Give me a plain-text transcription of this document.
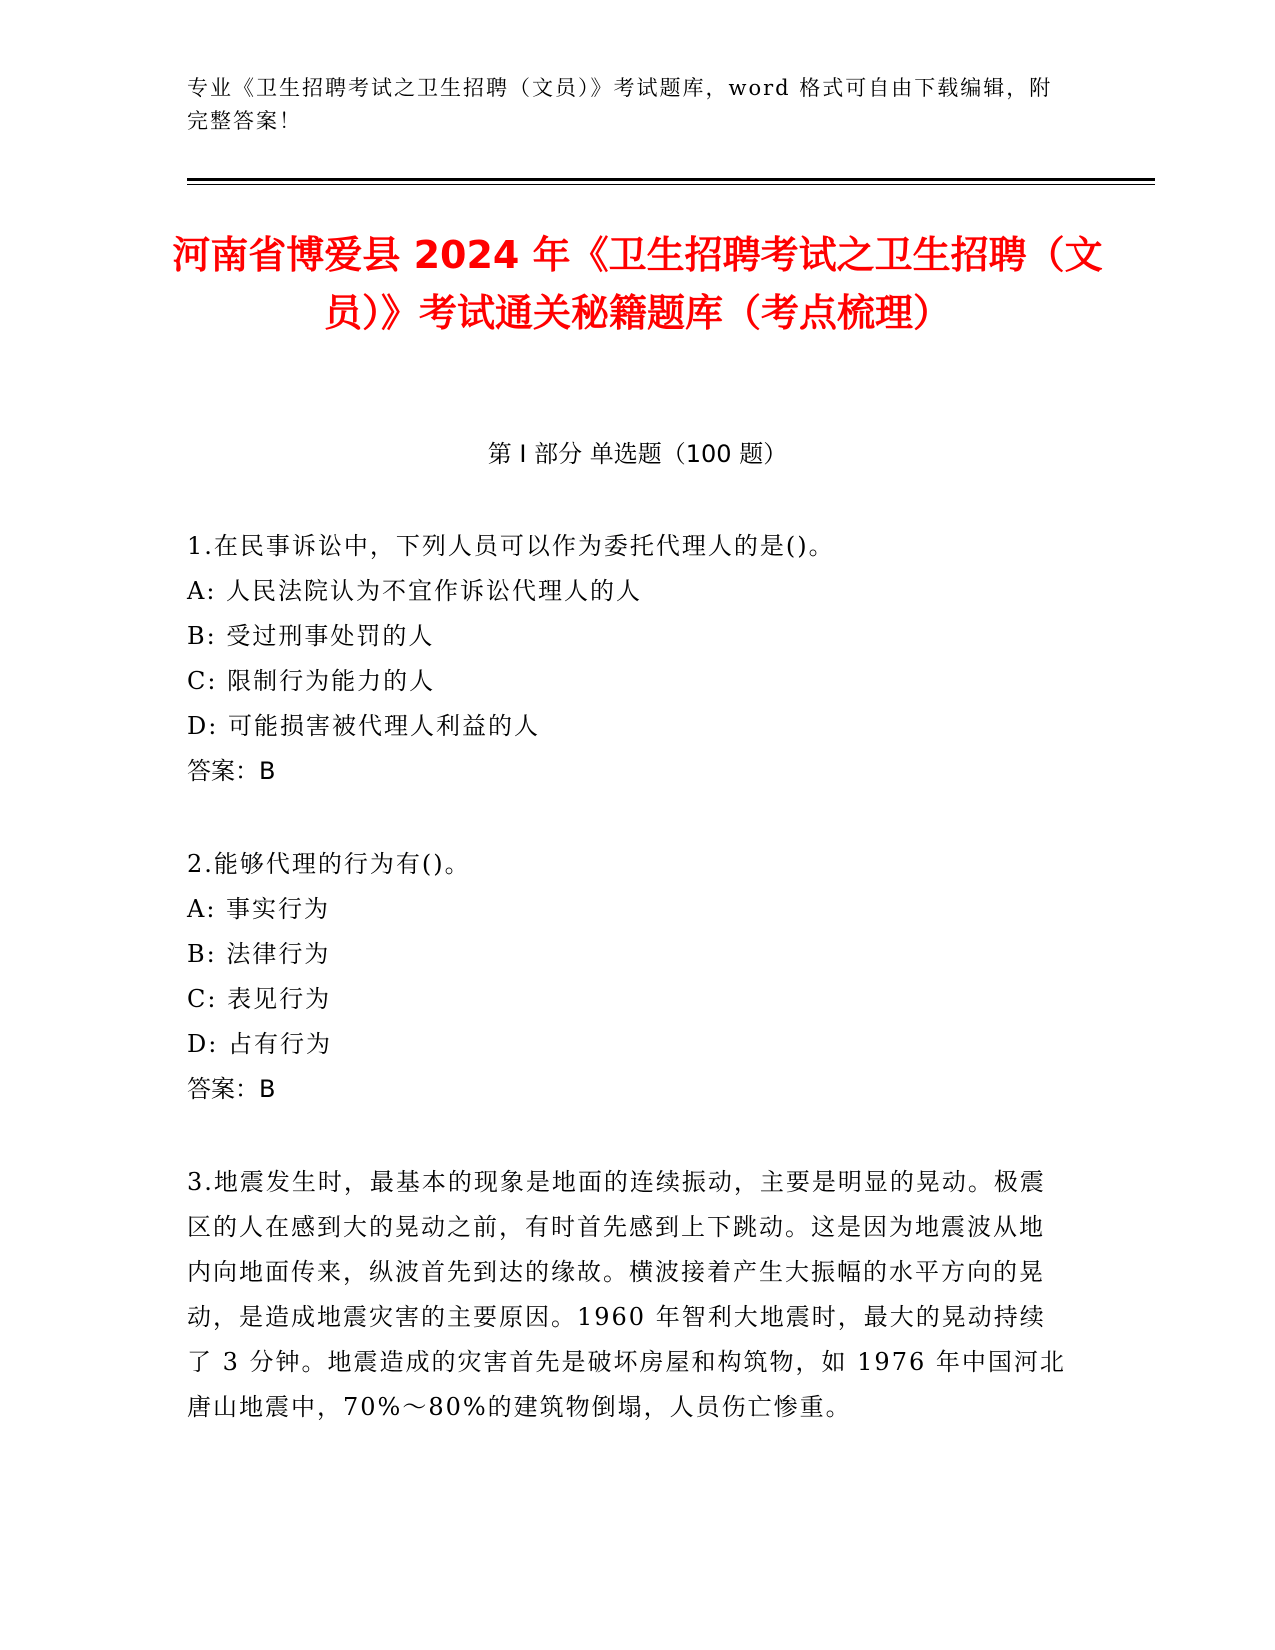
专业《卫生招聘考试之卫生招聘（文员）》考试题库，word 格式可自由下载编辑，附完整答案！
河南省博爱县 2024 年《卫生招聘考试之卫生招聘（文员）》考试通关秘籍题库（考点梳理）
第 I 部分 单选题（100 题）
1.在民事诉讼中，下列人员可以作为委托代理人的是()。
A: 人民法院认为不宜作诉讼代理人的人
B: 受过刑事处罚的人
C: 限制行为能力的人
D: 可能损害被代理人利益的人
答案：B
2.能够代理的行为有()。
A: 事实行为
B: 法律行为
C: 表见行为
D: 占有行为
答案：B
3.地震发生时，最基本的现象是地面的连续振动，主要是明显的晃动。极震区的人在感到大的晃动之前，有时首先感到上下跳动。这是因为地震波从地内向地面传来，纵波首先到达的缘故。横波接着产生大振幅的水平方向的晃动，是造成地震灾害的主要原因。1960 年智利大地震时，最大的晃动持续了 3 分钟。地震造成的灾害首先是破坏房屋和构筑物，如 1976 年中国河北唐山地震中，70%～80%的建筑物倒塌，人员伤亡惨重。
